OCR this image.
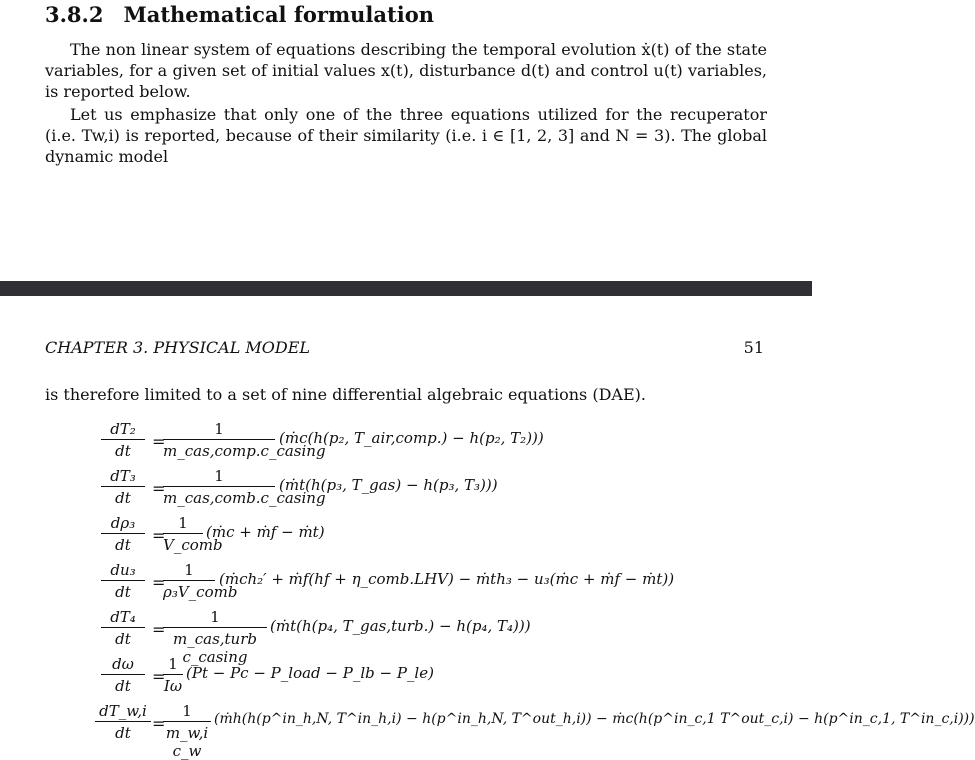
3.8.2 Mathematical formulation
The non linear system of equations describing the temporal evolution ẋ(t) of the state variables, for a given set of initial values x(t), disturbance d(t) and control u(t) variables, is reported below.
Let us emphasize that only one of the three equations utilized for the recuperator (i.e. Tw,i) is reported, because of their similarity (i.e. i ∈ [1, 2, 3] and N = 3). The global dynamic model
CHAPTER 3. PHYSICAL MODEL	51
is therefore limited to a set of nine differential algebraic equations (DAE).
$\frac{\text{dT₂}}{dt}$ =
1
m_cas,comp.c_casing
(ṁc(h(p₂, T_air,comp.) − h(p₂, T₂)))
$\frac{\text{dT₃}}{dt}$ =
1
m_cas,comb.c_casing
(ṁt(h(p₃, T_gas) − h(p₃, T₃)))
$\frac{\text{dρ₃}}{dt}$ =
1
V_comb
(ṁc + ṁf − ṁt)
$\frac{\text{du₃}}{dt}$ =
1
ρ₃V_comb
(ṁch₂′ + ṁf(hf + η_comb.LHV) − ṁth₃ − u₃(ṁc + ṁf − ṁt))
$\frac{\text{dT₄}}{dt}$ =
1
m_cas,turb c_casing
(ṁt(h(p₄, T_gas,turb.) − h(p₄, T₄)))
$\frac{d\omega}{dt}$ =
$\frac{1}{I\omega} (Pt - Pc$ − P_load − P_lb − P_le)
$\frac{dT\_w,i}{dt}$ =
$\frac{1}{\text{m\_w,i c\_w}}$ (ṁh(h(p^in_h,N, T^in_h,i) − h(p^in_h,N, T^out_h,i)) − ṁc(h(p^in_c,1 T^out_c,i) − h(p^in_c,1, T^in_c,i)))
